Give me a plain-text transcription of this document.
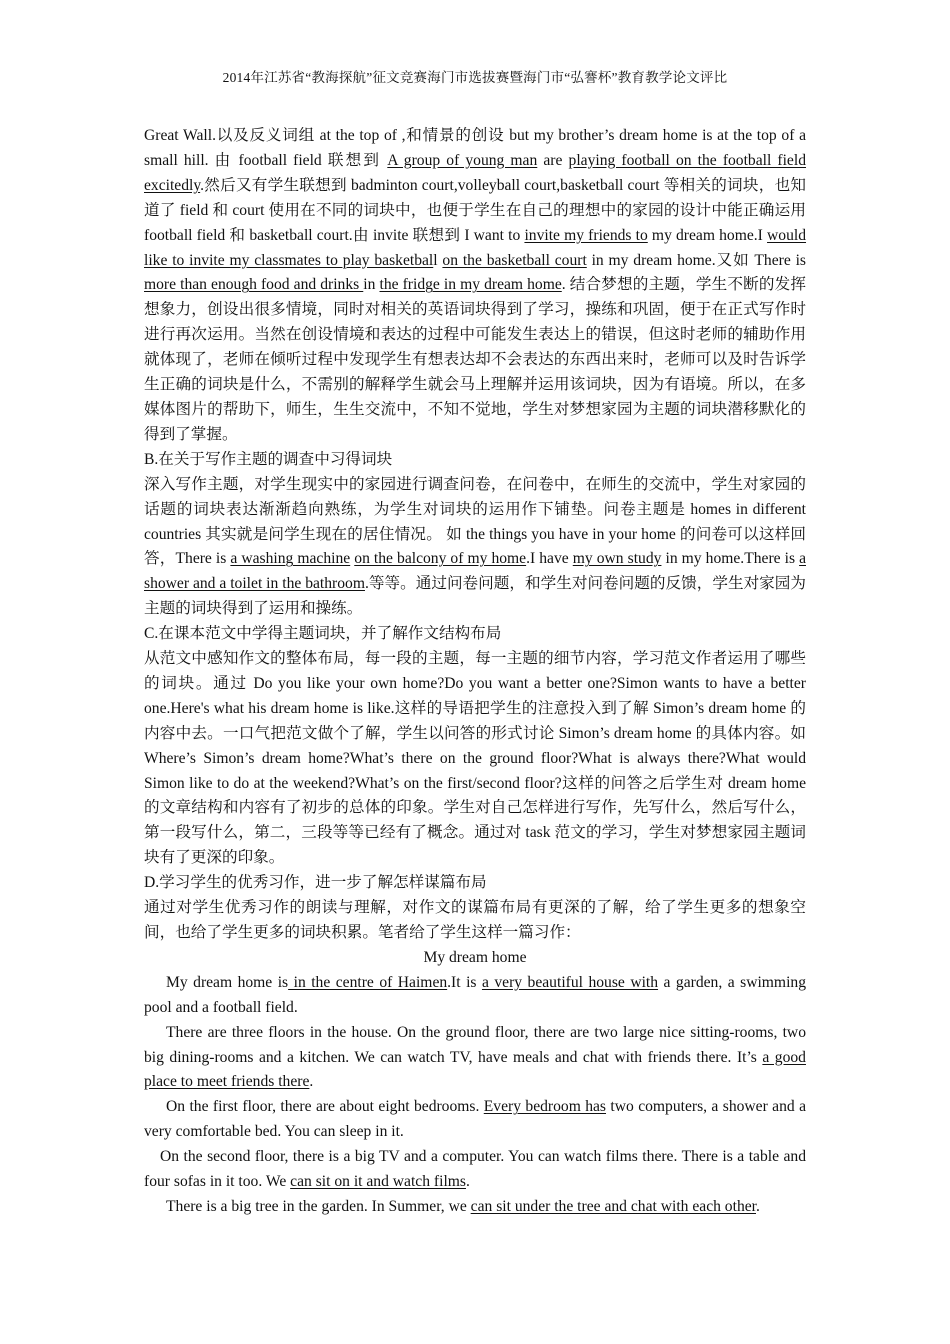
2014年江苏省“教海探航”征文竞赛海门市选拔赛暨海门市“弘謇杯”教育教学论文评比

Great Wall.以及反义词组 at the top of ,和情景的创设 but my brother’s dream home is at the top of a small hill. 由 football field 联想到 A group of young man are playing football on the football field excitedly.然后又有学生联想到 badminton court,volleyball court,basketball court 等相关的词块，也知道了 field 和 court 使用在不同的词块中，也便于学生在自己的理想中的家园的设计中能正确运用 football field 和 basketball court.由 invite 联想到 I want to invite my friends to my dream home.I would like to invite my classmates to play basketball on the basketball court in my dream home.又如 There is more than enough food and drinks in the fridge in my dream home. 结合梦想的主题，学生不断的发挥想象力，创设出很多情境，同时对相关的英语词块得到了学习，操练和巩固，便于在正式写作时进行再次运用。当然在创设情境和表达的过程中可能发生表达上的错误，但这时老师的辅助作用就体现了，老师在倾听过程中发现学生有想表达却不会表达的东西出来时，老师可以及时告诉学生正确的词块是什么，不需别的解释学生就会马上理解并运用该词块，因为有语境。所以，在多媒体图片的帮助下，师生，生生交流中，不知不觉地，学生对梦想家园为主题的词块潜移默化的得到了掌握。

B.在关于写作主题的调查中习得词块

深入写作主题，对学生现实中的家园进行调查问卷，在问卷中，在师生的交流中，学生对家园的话题的词块表达渐渐趋向熟练，为学生对词块的运用作下铺垫。问卷主题是 homes in different countries 其实就是问学生现在的居住情况。 如 the things you have in your home 的问卷可以这样回答，There is a washing machine on the balcony of my home.I have my own study in my home.There is a shower and a toilet in the bathroom.等等。通过问卷问题，和学生对问卷问题的反馈，学生对家园为主题的词块得到了运用和操练。

C.在课本范文中学得主题词块，并了解作文结构布局

从范文中感知作文的整体布局，每一段的主题，每一主题的细节内容，学习范文作者运用了哪些的词块。通过 Do you like your own home?Do you want a better one?Simon wants to have a better one.Here's what his dream home is like.这样的导语把学生的注意投入到了解 Simon’s dream home 的内容中去。一口气把范文做个了解，学生以问答的形式讨论 Simon’s dream home 的具体内容。如 Where’s Simon’s dream home?What’s there on the ground floor?What is always there?What would Simon like to do at the weekend?What’s on the first/second floor?这样的问答之后学生对 dream home 的文章结构和内容有了初步的总体的印象。学生对自己怎样进行写作，先写什么，然后写什么，第一段写什么，第二，三段等等已经有了概念。通过对 task 范文的学习，学生对梦想家园主题词块有了更深的印象。

D.学习学生的优秀习作，进一步了解怎样谋篇布局

通过对学生优秀习作的朗读与理解，对作文的谋篇布局有更深的了解，给了学生更多的想象空间，也给了学生更多的词块积累。笔者给了学生这样一篇习作：

My dream home

My dream home is in the centre of Haimen.It is a very beautiful house with a garden, a swimming pool and a football field.

There are three floors in the house. On the ground floor, there are two large nice sitting-rooms, two big dining-rooms and a kitchen. We can watch TV, have meals and chat with friends there. It’s a good place to meet friends there.

On the first floor, there are about eight bedrooms. Every bedroom has two computers, a shower and a very comfortable bed. You can sleep in it.

On the second floor, there is a big TV and a computer. You can watch films there. There is a table and four sofas in it too. We can sit on it and watch films.

There is a big tree in the garden. In Summer, we can sit under the tree and chat with each other.
